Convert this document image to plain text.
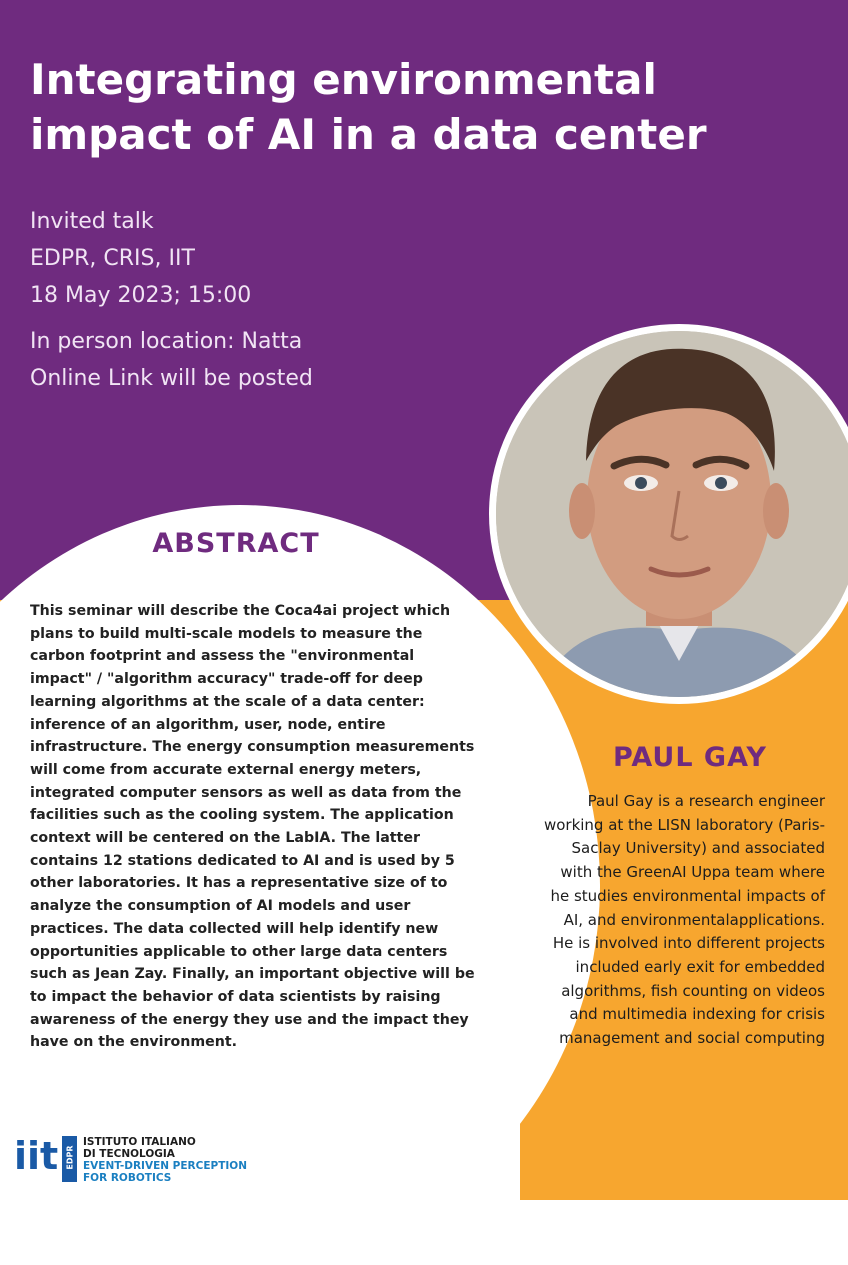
Integrating environmental impact of AI in a data center
Invited talk
EDPR, CRIS, IIT
18 May 2023; 15:00
In person location: Natta
Online Link will be posted
ABSTRACT

This seminar will describe the Coca4ai project which plans to build multi-scale models to measure the carbon footprint and assess the "environmental impact" / "algorithm accuracy" trade-off for deep learning algorithms at the scale of a data center: inference of an algorithm, user, node, entire infrastructure. The energy consumption measurements will come from accurate external energy meters, integrated computer sensors as well as data from the facilities such as the cooling system. The application context will be centered on the LabIA. The latter contains 12 stations dedicated to AI and is used by 5 other laboratories. It has a representative size of to analyze the consumption of AI models and user practices. The data collected will help identify new opportunities applicable to other large data centers such as Jean Zay. Finally, an important objective will be to impact the behavior of data scientists by raising awareness of the energy they use and the impact they have on the environment.

PAUL GAY

Paul Gay is a research engineer working at the LISN laboratory (Paris-Saclay University) and associated with the GreenAI Uppa team where he studies environmental impacts of AI, and environmentalapplications. He is involved into different projects included early exit for embedded algorithms, fish counting on videos and multimedia indexing for crisis management and social computing

iit EDPR
ISTITUTO ITALIANO
DI TECNOLOGIA
EVENT-DRIVEN PERCEPTION
FOR ROBOTICS
